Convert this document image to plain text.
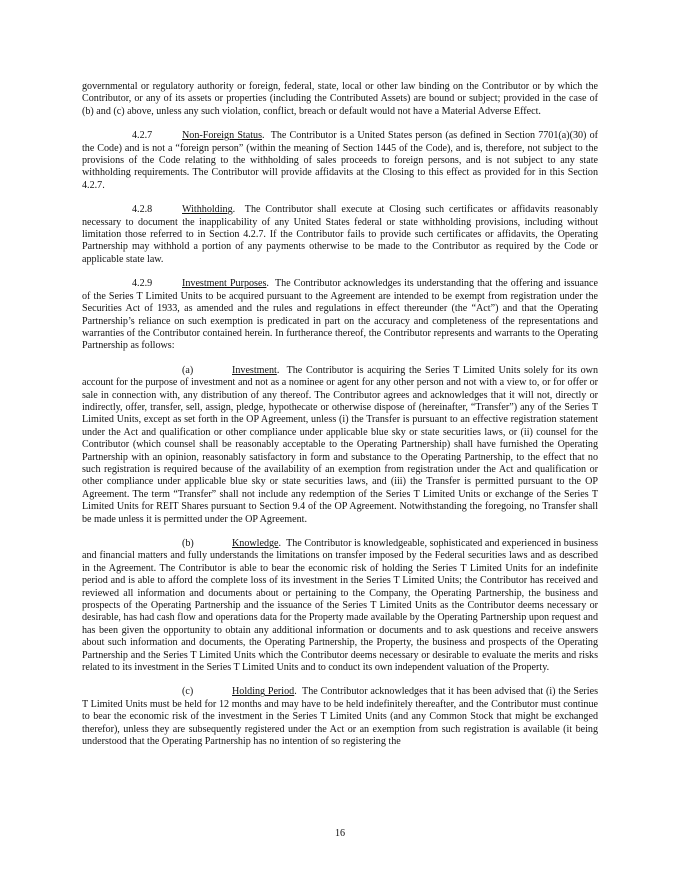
governmental or regulatory authority or foreign, federal, state, local or other law binding on the Contributor or by which the Contributor, or any of its assets or properties (including the Contributed Assets) are bound or subject; provided in the case of (b) and (c) above, unless any such violation, conflict, breach or default would not have a Material Adverse Effect.

4.2.7	Non-Foreign Status.  The Contributor is a United States person (as defined in Section 7701(a)(30) of the Code) and is not a “foreign person” (within the meaning of Section 1445 of the Code), and is, therefore, not subject to the provisions of the Code relating to the withholding of sales proceeds to foreign persons, and is not subject to any state withholding requirements. The Contributor will provide affidavits at the Closing to this effect as provided for in this Section 4.2.7.

4.2.8	Withholding.  The Contributor shall execute at Closing such certificates or affidavits reasonably necessary to document the inapplicability of any United States federal or state withholding provisions, including without limitation those referred to in Section 4.2.7. If the Contributor fails to provide such certificates or affidavits, the Operating Partnership may withhold a portion of any payments otherwise to be made to the Contributor as required by the Code or applicable state law.

4.2.9	Investment Purposes.  The Contributor acknowledges its understanding that the offering and issuance of the Series T Limited Units to be acquired pursuant to the Agreement are intended to be exempt from registration under the Securities Act of 1933, as amended and the rules and regulations in effect thereunder (the “Act”) and that the Operating Partnership’s reliance on such exemption is predicated in part on the accuracy and completeness of the representations and warranties of the Contributor contained herein. In furtherance thereof, the Contributor represents and warrants to the Operating Partnership as follows:

(a)	Investment.  The Contributor is acquiring the Series T Limited Units solely for its own account for the purpose of investment and not as a nominee or agent for any other person and not with a view to, or for offer or sale in connection with, any distribution of any thereof. The Contributor agrees and acknowledges that it will not, directly or indirectly, offer, transfer, sell, assign, pledge, hypothecate or otherwise dispose of (hereinafter, “Transfer”) any of the Series T Limited Units, except as set forth in the OP Agreement, unless (i) the Transfer is pursuant to an effective registration statement under the Act and qualification or other compliance under applicable blue sky or state securities laws, or (ii) counsel for the Contributor (which counsel shall be reasonably acceptable to the Operating Partnership) shall have furnished the Operating Partnership with an opinion, reasonably satisfactory in form and substance to the Operating Partnership, to the effect that no such registration is required because of the availability of an exemption from registration under the Act and qualification or other compliance under applicable blue sky or state securities laws, and (iii) the Transfer is permitted pursuant to the OP Agreement. The term “Transfer” shall not include any redemption of the Series T Limited Units or exchange of the Series T Limited Units for REIT Shares pursuant to Section 9.4 of the OP Agreement. Notwithstanding the foregoing, no Transfer shall be made unless it is permitted under the OP Agreement.

(b)	Knowledge.  The Contributor is knowledgeable, sophisticated and experienced in business and financial matters and fully understands the limitations on transfer imposed by the Federal securities laws and as described in the Agreement. The Contributor is able to bear the economic risk of holding the Series T Limited Units for an indefinite period and is able to afford the complete loss of its investment in the Series T Limited Units; the Contributor has received and reviewed all information and documents about or pertaining to the Company, the Operating Partnership, the business and prospects of the Operating Partnership and the issuance of the Series T Limited Units as the Contributor deems necessary or desirable, has had cash flow and operations data for the Property made available by the Operating Partnership upon request and has been given the opportunity to obtain any additional information or documents and to ask questions and receive answers about such information and documents, the Operating Partnership, the Property, the business and prospects of the Operating Partnership and the Series T Limited Units which the Contributor deems necessary or desirable to evaluate the merits and risks related to its investment in the Series T Limited Units and to conduct its own independent valuation of the Property.

(c)	Holding Period.  The Contributor acknowledges that it has been advised that (i) the Series T Limited Units must be held for 12 months and may have to be held indefinitely thereafter, and the Contributor must continue to bear the economic risk of the investment in the Series T Limited Units (and any Common Stock that might be exchanged therefor), unless they are subsequently registered under the Act or an exemption from such registration is available (it being understood that the Operating Partnership has no intention of so registering the

16
